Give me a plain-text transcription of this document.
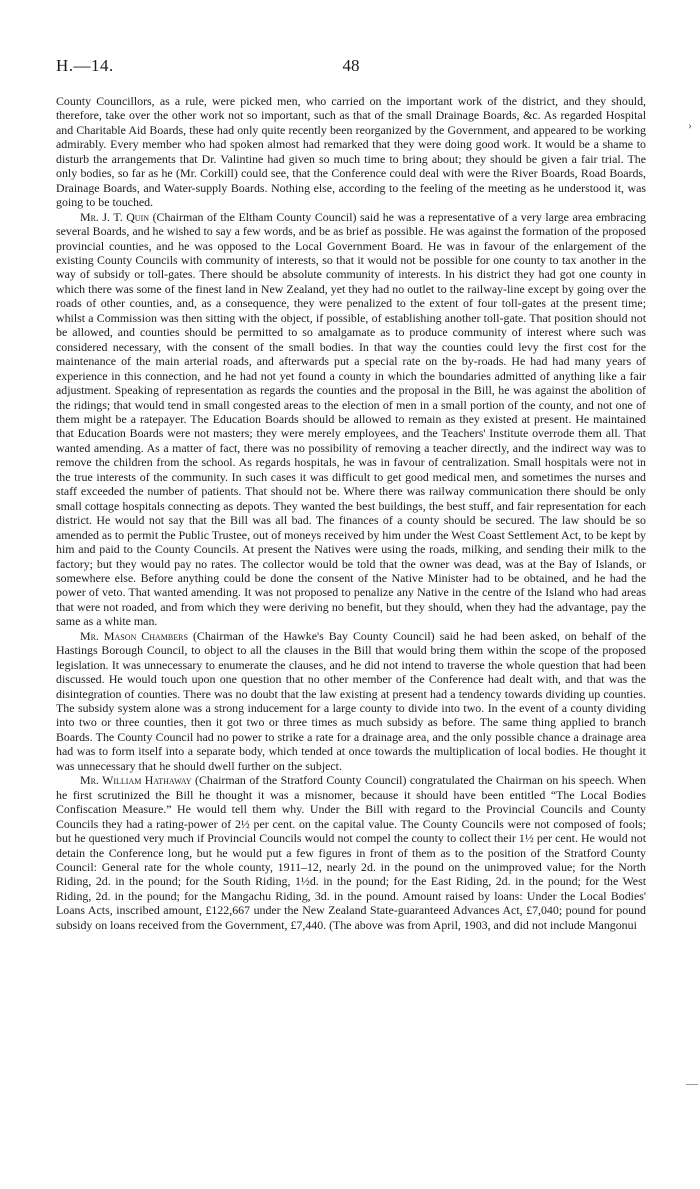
H.—14.	48
›
—

County Councillors, as a rule, were picked men, who carried on the important work of the district, and they should, therefore, take over the other work not so important, such as that of the small Drainage Boards, &c. As regarded Hospital and Charitable Aid Boards, these had only quite recently been reorganized by the Government, and appeared to be working admirably. Every member who had spoken almost had remarked that they were doing good work. It would be a shame to disturb the arrangements that Dr. Valintine had given so much time to bring about; they should be given a fair trial. The only bodies, so far as he (Mr. Corkill) could see, that the Conference could deal with were the River Boards, Road Boards, Drainage Boards, and Water-supply Boards. Nothing else, according to the feeling of the meeting as he understood it, was going to be touched.

Mr. J. T. Quin (Chairman of the Eltham County Council) said he was a representative of a very large area embracing several Boards, and he wished to say a few words, and be as brief as possible. He was against the formation of the proposed provincial counties, and he was opposed to the Local Government Board. He was in favour of the enlargement of the existing County Councils with community of interests, so that it would not be possible for one county to tax another in the way of subsidy or toll-gates. There should be absolute community of interests. In his district they had got one county in which there was some of the finest land in New Zealand, yet they had no outlet to the railway-line except by going over the roads of other counties, and, as a consequence, they were penalized to the extent of four toll-gates at the present time; whilst a Commission was then sitting with the object, if possible, of establishing another toll-gate. That position should not be allowed, and counties should be permitted to so amalgamate as to produce community of interest where such was considered necessary, with the consent of the small bodies. In that way the counties could levy the first cost for the maintenance of the main arterial roads, and afterwards put a special rate on the by-roads. He had had many years of experience in this connection, and he had not yet found a county in which the boundaries admitted of anything like a fair adjustment. Speaking of representation as regards the counties and the proposal in the Bill, he was against the abolition of the ridings; that would tend in small congested areas to the election of men in a small portion of the county, and not one of them might be a ratepayer. The Education Boards should be allowed to remain as they existed at present. He maintained that Education Boards were not masters; they were merely employees, and the Teachers' Institute overrode them all. That wanted amending. As a matter of fact, there was no possibility of removing a teacher directly, and the indirect way was to remove the children from the school. As regards hospitals, he was in favour of centralization. Small hospitals were not in the true interests of the community. In such cases it was difficult to get good medical men, and sometimes the nurses and staff exceeded the number of patients. That should not be. Where there was railway communication there should be only small cottage hospitals connecting as depots. They wanted the best buildings, the best stuff, and fair representation for each district. He would not say that the Bill was all bad. The finances of a county should be secured. The law should be so amended as to permit the Public Trustee, out of moneys received by him under the West Coast Settlement Act, to be kept by him and paid to the County Councils. At present the Natives were using the roads, milking, and sending their milk to the factory; but they would pay no rates. The collector would be told that the owner was dead, was at the Bay of Islands, or somewhere else. Before anything could be done the consent of the Native Minister had to be obtained, and he had the power of veto. That wanted amending. It was not proposed to penalize any Native in the centre of the Island who had areas that were not roaded, and from which they were deriving no benefit, but they should, when they had the advantage, pay the same as a white man.

Mr. Mason Chambers (Chairman of the Hawke's Bay County Council) said he had been asked, on behalf of the Hastings Borough Council, to object to all the clauses in the Bill that would bring them within the scope of the proposed legislation. It was unnecessary to enumerate the clauses, and he did not intend to traverse the whole question that had been discussed. He would touch upon one question that no other member of the Conference had dealt with, and that was the disintegration of counties. There was no doubt that the law existing at present had a tendency towards dividing up counties. The subsidy system alone was a strong inducement for a large county to divide into two. In the event of a county dividing into two or three counties, then it got two or three times as much subsidy as before. The same thing applied to branch Boards. The County Council had no power to strike a rate for a drainage area, and the only possible chance a drainage area had was to form itself into a separate body, which tended at once towards the multiplication of local bodies. He thought it was unnecessary that he should dwell further on the subject.

Mr. William Hathaway (Chairman of the Stratford County Council) congratulated the Chairman on his speech. When he first scrutinized the Bill he thought it was a misnomer, because it should have been entitled “The Local Bodies Confiscation Measure.” He would tell them why. Under the Bill with regard to the Provincial Councils and County Councils they had a rating-power of 2½ per cent. on the capital value. The County Councils were not composed of fools; but he questioned very much if Provincial Councils would not compel the county to collect their 1½ per cent. He would not detain the Conference long, but he would put a few figures in front of them as to the position of the Stratford County Council: General rate for the whole county, 1911–12, nearly 2d. in the pound on the unimproved value; for the North Riding, 2d. in the pound; for the South Riding, 1½d. in the pound; for the East Riding, 2d. in the pound; for the West Riding, 2d. in the pound; for the Mangachu Riding, 3d. in the pound. Amount raised by loans: Under the Local Bodies' Loans Acts, inscribed amount, £122,667 under the New Zealand State-guaranteed Advances Act, £7,040; pound for pound subsidy on loans received from the Government, £7,440. (The above was from April, 1903, and did not include Mangonui
